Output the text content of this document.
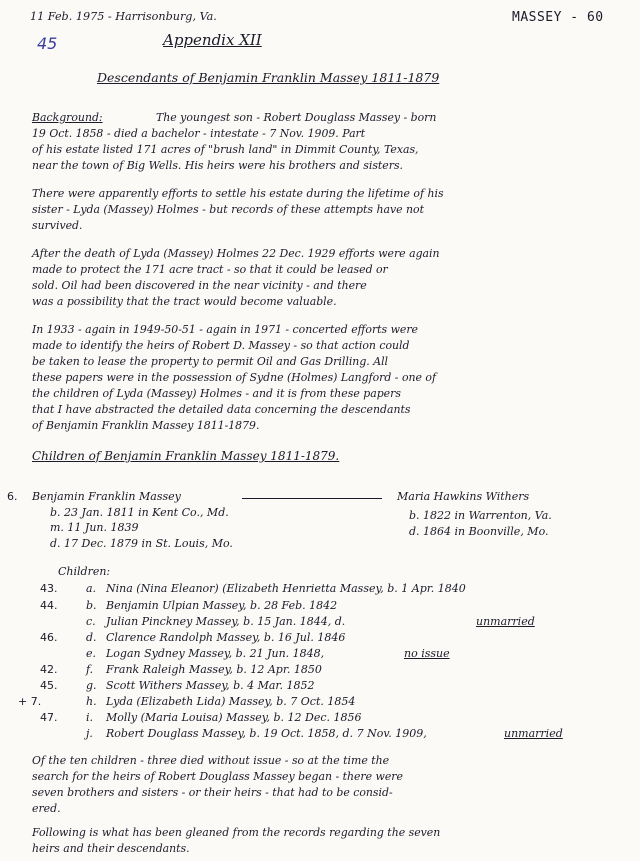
11 Feb. 1975 - Harrisonburg, Va.	MASSEY - 60
45	Appendix XII
Descendants of Benjamin Franklin Massey 1811-1879
Background:	The youngest son - Robert Douglass Massey - born
19 Oct. 1858 - died a bachelor - intestate - 7 Nov. 1909. Part
of his estate listed 171 acres of "brush land" in Dimmit County, Texas,
near the town of Big Wells. His heirs were his brothers and sisters.
There were apparently efforts to settle his estate during the lifetime of his
sister - Lyda (Massey) Holmes - but records of these attempts have not
survived.
After the death of Lyda (Massey) Holmes 22 Dec. 1929 efforts were again
made to protect the 171 acre tract - so that it could be leased or
sold. Oil had been discovered in the near vicinity - and there
was a possibility that the tract would become valuable.
In 1933 - again in 1949-50-51 - again in 1971 - concerted efforts were
made to identify the heirs of Robert D. Massey - so that action could
be taken to lease the property to permit Oil and Gas Drilling. All
these papers were in the possession of Sydne (Holmes) Langford - one of
the children of Lyda (Massey) Holmes - and it is from these papers
that I have abstracted the detailed data concerning the descendants
of Benjamin Franklin Massey 1811-1879.
Children of Benjamin Franklin Massey 1811-1879.
6. Benjamin Franklin Massey	Maria Hawkins Withers
b. 23 Jan. 1811 in Kent Co., Md.	b. 1822 in Warrenton, Va.
m. 11 Jun. 1839	d. 1864 in Boonville, Mo.
d. 17 Dec. 1879 in St. Louis, Mo.
Children:
43.	a. Nina (Nina Eleanor) (Elizabeth Henrietta Massey, b. 1 Apr. 1840
44.	b. Benjamin Ulpian Massey, b. 28 Feb. 1842
c. Julian Pinckney Massey, b. 15 Jan. 1844, d.	unmarried
46.	d. Clarence Randolph Massey, b. 16 Jul. 1846
e. Logan Sydney Massey, b. 21 Jun. 1848,	no issue
42.	f. Frank Raleigh Massey, b. 12 Apr. 1850
45.	g. Scott Withers Massey, b. 4 Mar. 1852
+ 7.	h. Lyda (Elizabeth Lida) Massey, b. 7 Oct. 1854
47.	i. Molly (Maria Louisa) Massey, b. 12 Dec. 1856
j. Robert Douglass Massey, b. 19 Oct. 1858, d. 7 Nov. 1909,	unmarried
Of the ten children - three died without issue - so at the time the
search for the heirs of Robert Douglass Massey began - there were
seven brothers and sisters - or their heirs - that had to be consid-
ered.
Following is what has been gleaned from the records regarding the seven
heirs and their descendants.
